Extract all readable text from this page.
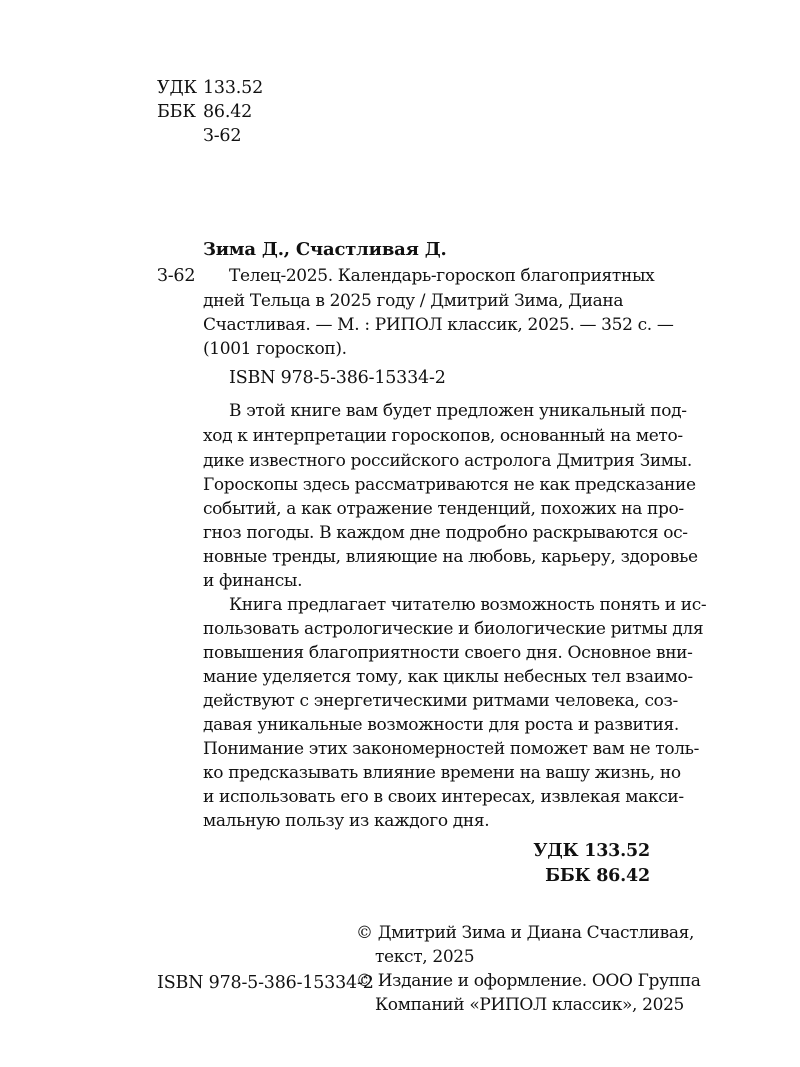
УДК 133.52
ББК 86.42
З-62
Зима Д., Счастливая Д.
З-62 Телец-2025. Календарь-гороскоп благоприятных
дней Тельца в 2025 году / Дмитрий Зима, Диана
Счастливая. — М. : РИПОЛ классик, 2025. — 352 с. —
(1001 гороскоп).
ISBN 978-5-386-15334-2
В этой книге вам будет предложен уникальный под-
ход к интерпретации гороскопов, основанный на мето-
дике известного российского астролога Дмитрия Зимы.
Гороскопы здесь рассматриваются не как предсказание
событий, а как отражение тенденций, похожих на про-
гноз погоды. В каждом дне подробно раскрываются ос-
новные тренды, влияющие на любовь, карьеру, здоровье
и финансы.
Книга предлагает читателю возможность понять и ис-
пользовать астрологические и биологические ритмы для
повышения благоприятности своего дня. Основное вни-
мание уделяется тому, как циклы небесных тел взаимо-
действуют с энергетическими ритмами человека, соз-
давая уникальные возможности для роста и развития.
Понимание этих закономерностей поможет вам не толь-
ко предсказывать влияние времени на вашу жизнь, но
и использовать его в своих интересах, извлекая макси-
мальную пользу из каждого дня.
УДК 133.52
ББК 86.42
ISBN 978-5-386-15334-2
© Дмитрий Зима и Диана Счастливая,
текст, 2025
© Издание и оформление. ООО Группа
Компаний «РИПОЛ классик», 2025
